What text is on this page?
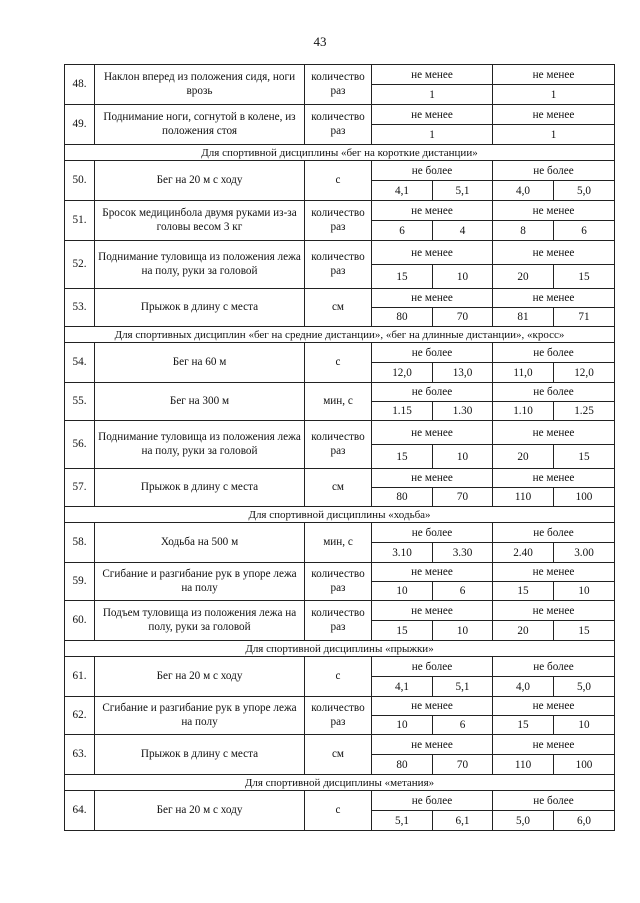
43
48.	Наклон вперед из положения сидя, ноги врозь	количество раз	не менее		не менее	
			1		1	
49.	Поднимание ноги, согнутой в колене, из положения стоя	количество раз	не менее		не менее	
			1		1	
Для спортивной дисциплины «бег на короткие дистанции»						
50.	Бег на 20 м с ходу	с	не более		не более	
			4,1	5,1	4,0	5,0
51.	Бросок медицинбола двумя руками из-за головы весом 3 кг	количество раз	не менее		не менее	
			6	4	8	6
52.	Поднимание туловища из положения лежа на полу, руки за головой	количество раз	не менее		не менее	
			15	10	20	15
53.	Прыжок в длину с места	см	не менее		не менее	
			80	70	81	71
Для спортивных дисциплин «бег на средние дистанции», «бег на длинные дистанции», «кросс»						
54.	Бег на 60 м	с	не более		не более	
			12,0	13,0	11,0	12,0
55.	Бег на 300 м	мин, с	не более		не более	
			1.15	1.30	1.10	1.25
56.	Поднимание туловища из положения лежа на полу, руки за головой	количество раз	не менее		не менее	
			15	10	20	15
57.	Прыжок в длину с места	см	не менее		не менее	
			80	70	110	100
Для спортивной дисциплины «ходьба»						
58.	Ходьба на 500 м	мин, с	не более		не более	
			3.10	3.30	2.40	3.00
59.	Сгибание и разгибание рук в упоре лежа на полу	количество раз	не менее		не менее	
			10	6	15	10
60.	Подъем туловища из положения лежа на полу, руки за головой	количество раз	не менее		не менее	
			15	10	20	15
Для спортивной дисциплины «прыжки»						
61.	Бег на 20 м с ходу	с	не более		не более	
			4,1	5,1	4,0	5,0
62.	Сгибание и разгибание рук в упоре лежа на полу	количество раз	не менее		не менее	
			10	6	15	10
63.	Прыжок в длину с места	см	не менее		не менее	
			80	70	110	100
Для спортивной дисциплины «метания»						
64.	Бег на 20 м с ходу	с	не более		не более	
			5,1	6,1	5,0	6,0
